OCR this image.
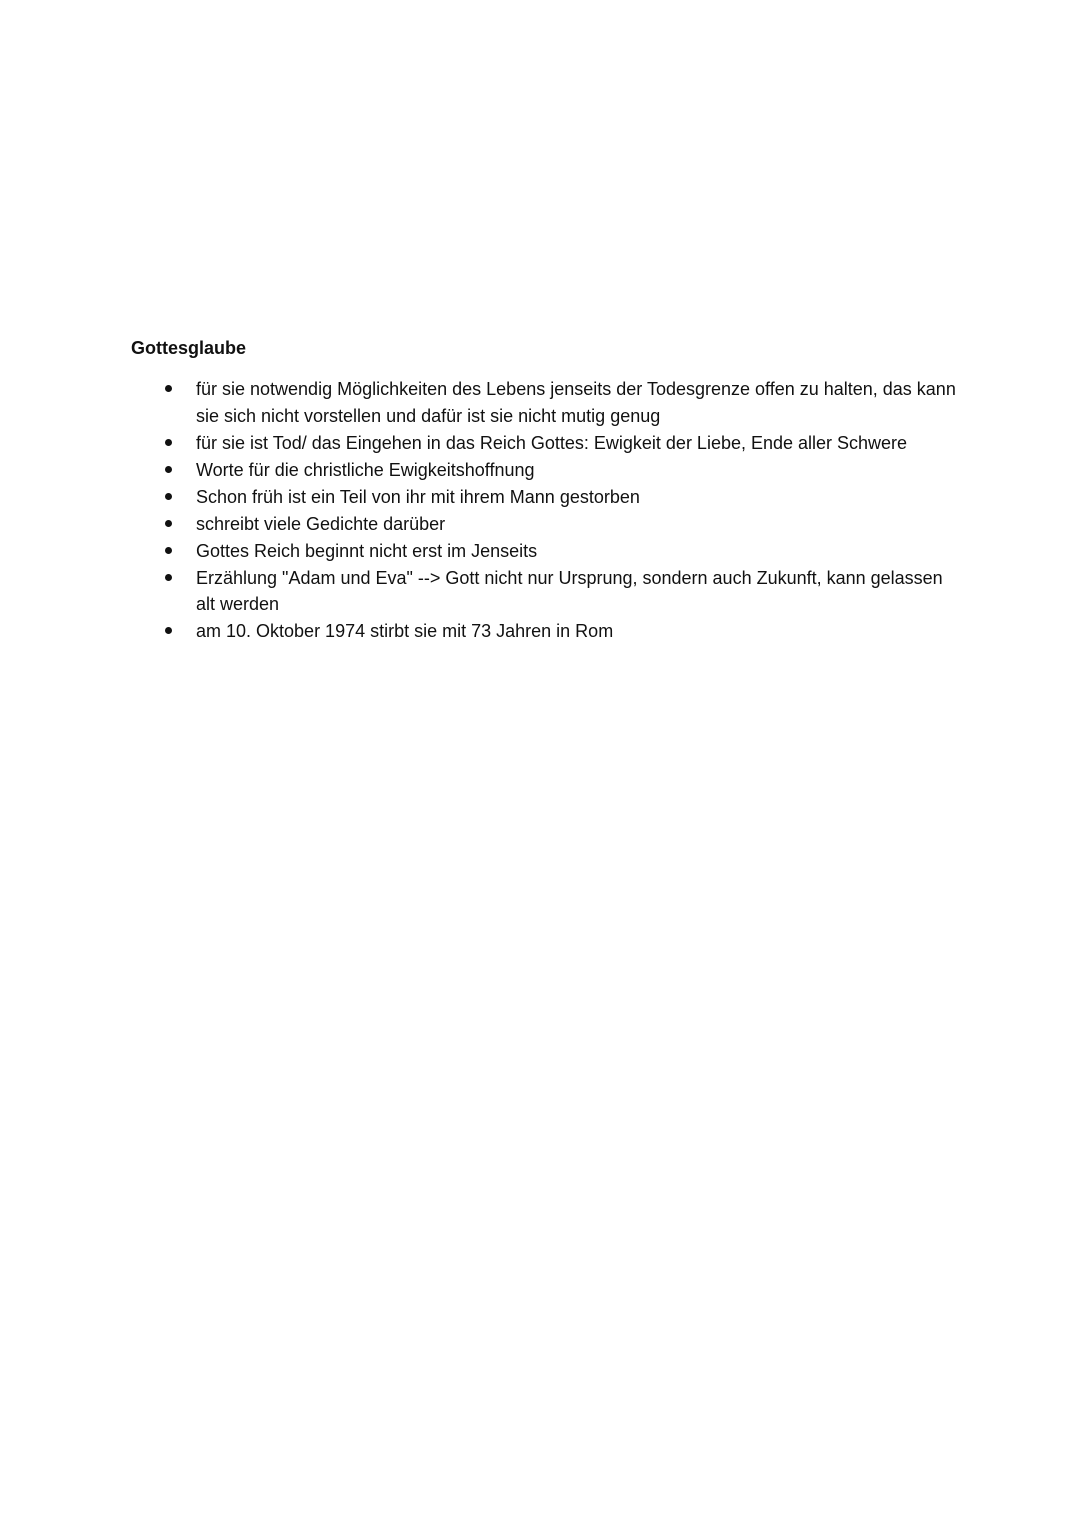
Gottesglaube
für sie notwendig Möglichkeiten des Lebens jenseits der Todesgrenze offen zu halten, das kann sie sich nicht vorstellen und dafür ist sie nicht mutig genug
für sie ist Tod/ das Eingehen in das Reich Gottes: Ewigkeit der Liebe, Ende aller Schwere
Worte für die christliche Ewigkeitshoffnung
Schon früh ist ein Teil von ihr mit ihrem Mann gestorben
schreibt viele Gedichte darüber
Gottes Reich beginnt nicht erst im Jenseits
Erzählung "Adam und Eva" --> Gott nicht nur Ursprung, sondern auch Zukunft, kann gelassen alt werden
am 10. Oktober 1974 stirbt sie mit 73 Jahren in Rom
